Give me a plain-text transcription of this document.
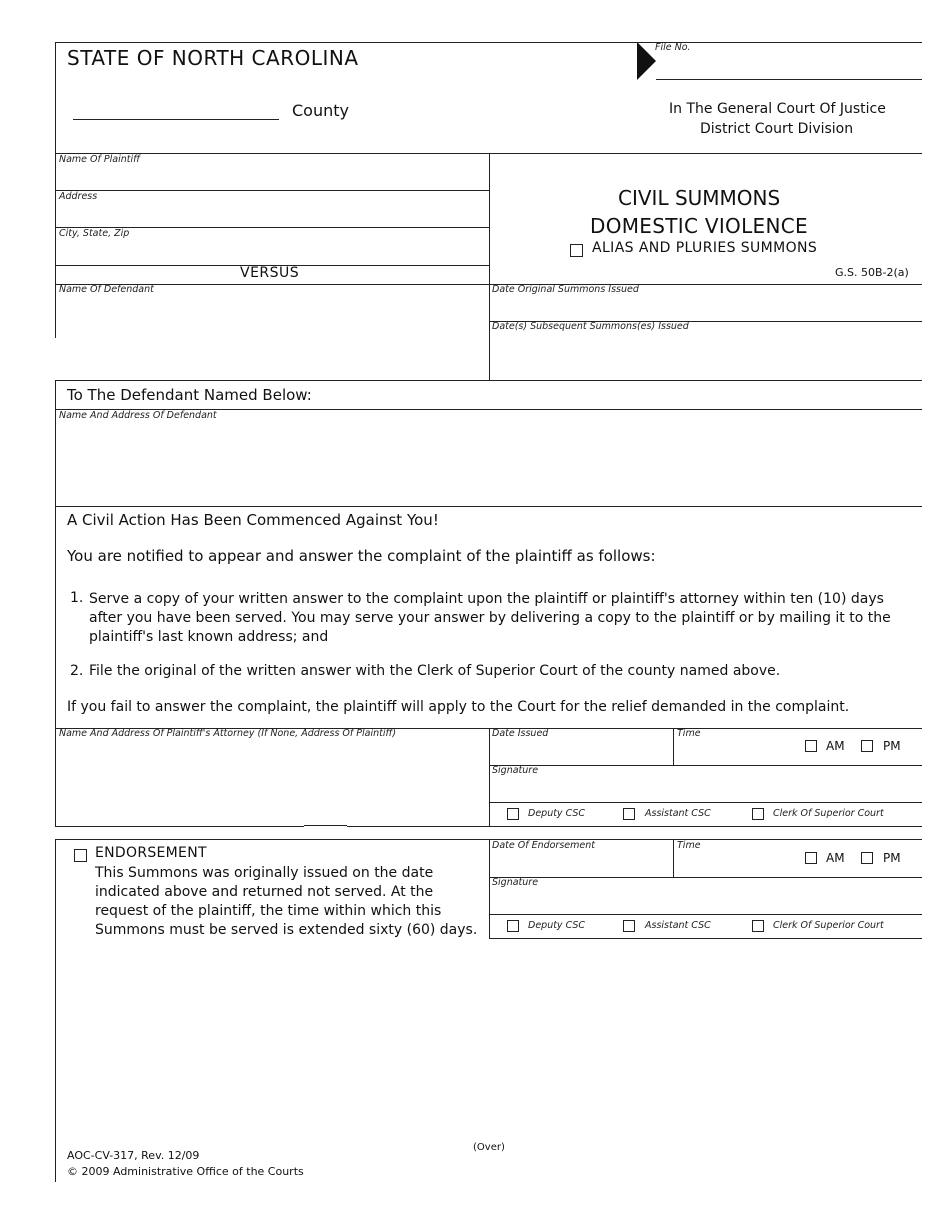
STATE OF NORTH CAROLINA
County
File No.
In The General Court Of Justice
District Court Division
Name Of Plaintiff
Address
City, State, Zip
VERSUS
Name Of Defendant
CIVIL SUMMONS
DOMESTIC VIOLENCE
ALIAS AND PLURIES SUMMONS
G.S. 50B-2(a)
Date Original Summons Issued
Date(s) Subsequent Summons(es) Issued
To The Defendant Named Below:
Name And Address Of Defendant
A Civil Action Has Been Commenced Against You!
You are notified to appear and answer the complaint of the plaintiff as follows:
1. Serve a copy of your written answer to the complaint upon the plaintiff or plaintiff's attorney within ten (10) days after you have been served. You may serve your answer by delivering a copy to the plaintiff or by mailing it to the plaintiff's last known address; and
2. File the original of the written answer with the Clerk of Superior Court of the county named above.
If you fail to answer the complaint, the plaintiff will apply to the Court for the relief demanded in the complaint.
Name And Address Of Plaintiff's Attorney (If None, Address Of Plaintiff)	Date Issued	Time
AM	PM
Signature
Deputy CSC	Assistant CSC	Clerk Of Superior Court
ENDORSEMENT
This Summons was originally issued on the date indicated above and returned not served. At the request of the plaintiff, the time within which this Summons must be served is extended sixty (60) days.
Date Of Endorsement	Time
AM	PM
Signature
Deputy CSC	Assistant CSC	Clerk Of Superior Court
AOC-CV-317, Rev. 12/09
© 2009 Administrative Office of the Courts
(Over)
